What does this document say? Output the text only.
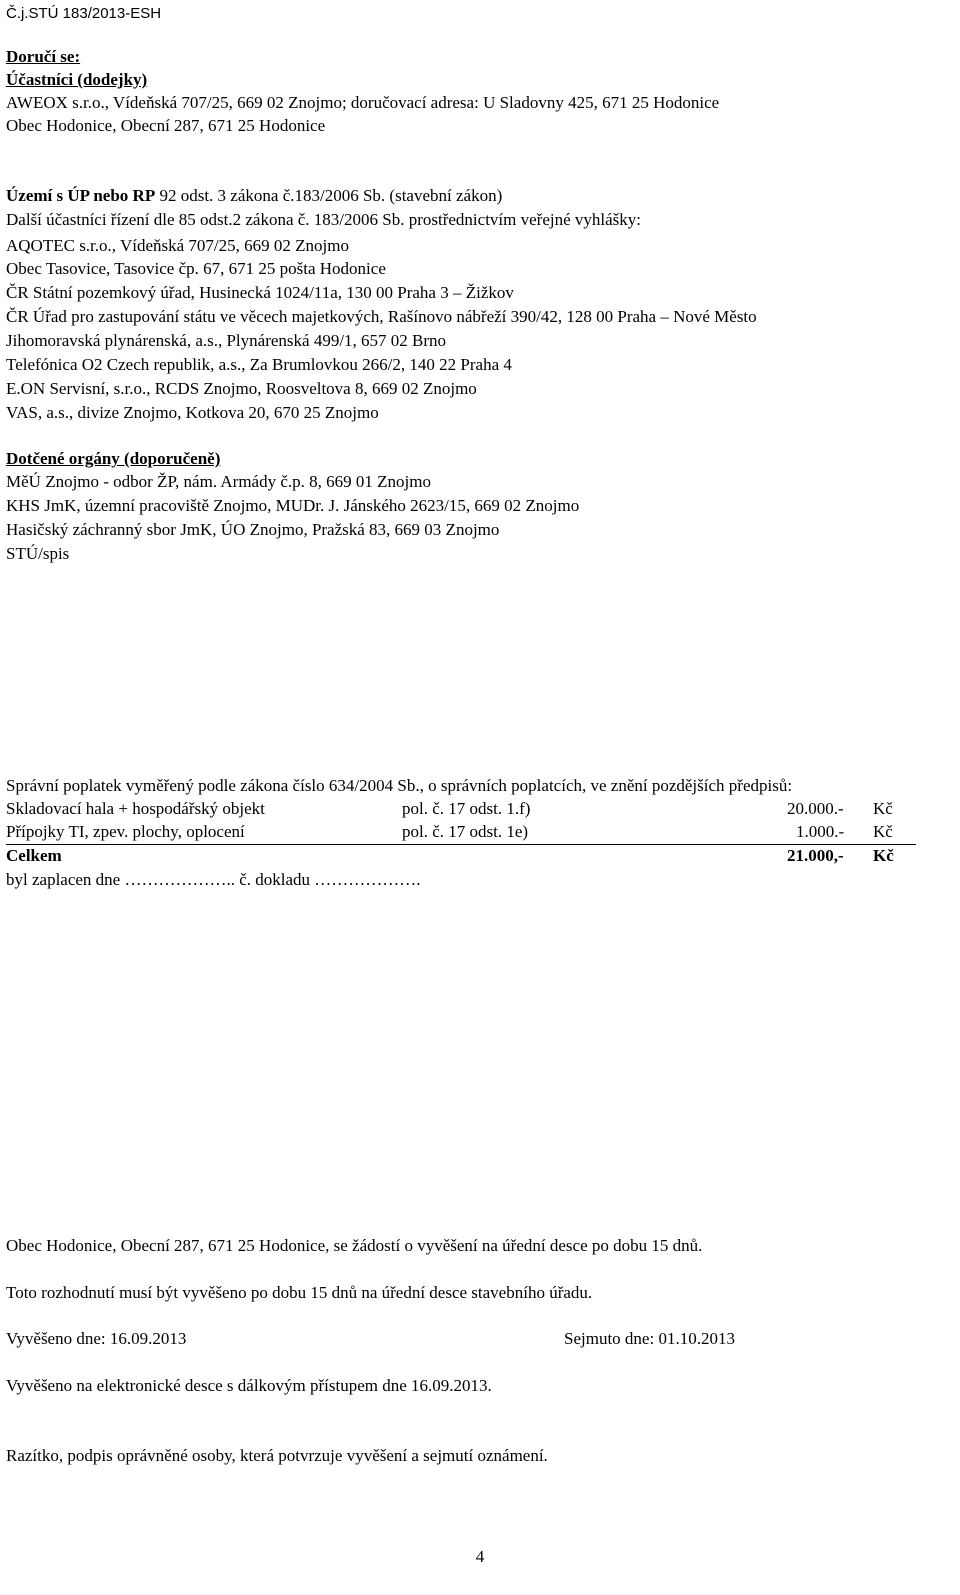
Č.j.STÚ 183/2013-ESH
Doručí se:
Účastníci (dodejky)
AWEOX s.r.o., Vídeňská 707/25, 669 02 Znojmo; doručovací adresa: U Sladovny 425, 671 25 Hodonice
Obec Hodonice, Obecní 287, 671 25 Hodonice
Území s ÚP nebo RP 92 odst. 3 zákona č.183/2006 Sb. (stavební zákon)
Další účastníci řízení dle 85 odst.2 zákona č. 183/2006 Sb. prostřednictvím veřejné vyhlášky:
AQOTEC s.r.o., Vídeňská 707/25, 669 02 Znojmo
Obec Tasovice, Tasovice čp. 67, 671 25 pošta Hodonice
ČR Státní pozemkový úřad, Husinecká 1024/11a, 130 00 Praha 3 – Žižkov
ČR Úřad pro zastupování státu ve věcech majetkových, Rašínovo nábřeží 390/42, 128 00 Praha – Nové Město
Jihomoravská plynárenská, a.s., Plynárenská 499/1, 657 02 Brno
Telefónica O2 Czech republik, a.s., Za Brumlovkou 266/2, 140 22 Praha 4
E.ON Servisní, s.r.o., RCDS Znojmo, Roosveltova 8, 669 02 Znojmo
VAS, a.s., divize Znojmo, Kotkova 20, 670 25 Znojmo
Dotčené orgány (doporučeně)
MěÚ Znojmo - odbor ŽP, nám. Armády č.p. 8, 669 01 Znojmo
KHS JmK, územní pracoviště Znojmo, MUDr. J. Jánského 2623/15, 669 02 Znojmo
Hasičský záchranný sbor JmK, ÚO Znojmo, Pražská 83, 669 03 Znojmo
STÚ/spis
Správní poplatek vyměřený podle zákona číslo 634/2004 Sb., o správních poplatcích, ve znění pozdějších předpisů:
Skladovací hala + hospodářský objekt	pol. č. 17 odst. 1.f)	20.000.- Kč
Přípojky TI, zpev. plochy, oplocení	pol. č. 17 odst. 1e)	1.000.- Kč
Celkem	21.000,- Kč
byl zaplacen dne ……………….. č. dokladu ……………….
Obec Hodonice, Obecní 287, 671 25 Hodonice, se žádostí o vyvěšení na úřední desce po dobu 15 dnů.
Toto rozhodnutí musí být vyvěšeno po dobu 15 dnů na úřední desce stavebního úřadu.
Vyvěšeno dne: 16.09.2013	Sejmuto dne: 01.10.2013
Vyvěšeno na elektronické desce s dálkovým přístupem dne 16.09.2013.
Razítko, podpis oprávněné osoby, která potvrzuje vyvěšení a sejmutí oznámení.
4
